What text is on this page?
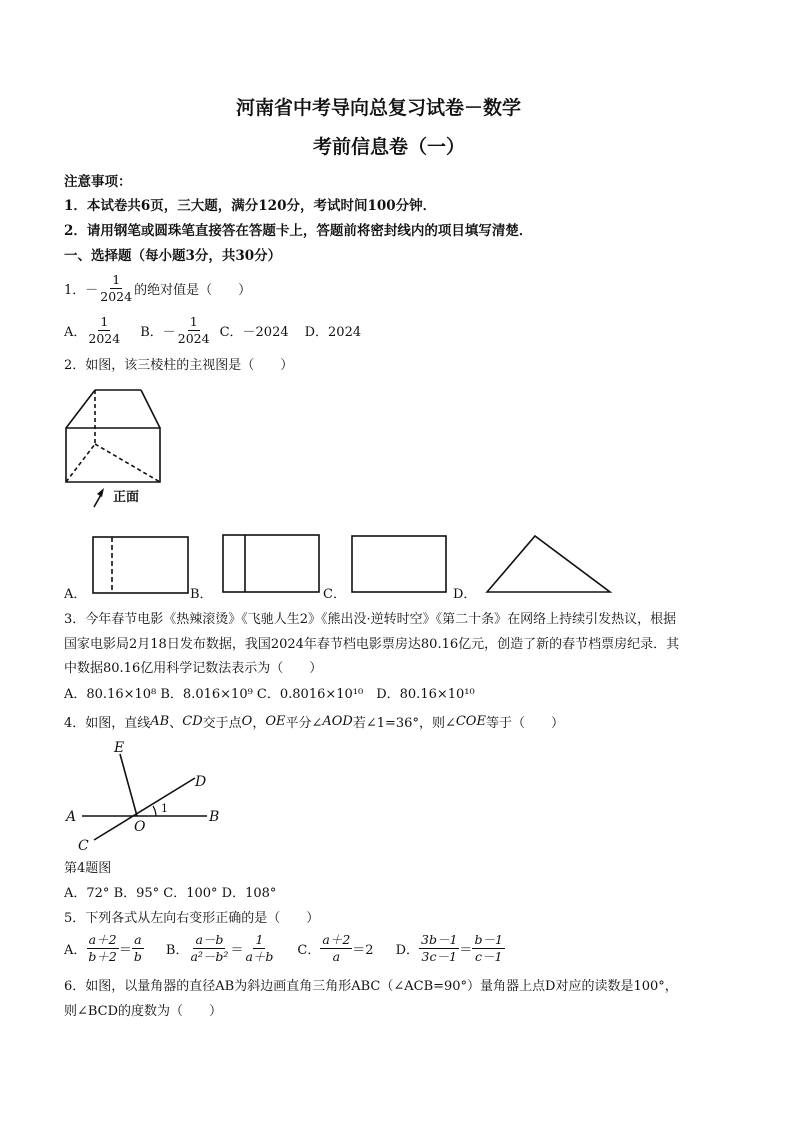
河南省中考导向总复习试卷－数学
考前信息卷（一）
注意事项：
1．本试卷共6页，三大题，满分120分，考试时间100分钟．
2．请用钢笔或圆珠笔直接答在答题卡上，答题前将密封线内的项目填写清楚．
一、选择题（每小题3分，共30分）
1．－ $\frac{1}{2024}$ 的绝对值是（　　）
A． $\frac{1}{2024}$ B．－ $\frac{1}{2024}$ C．－2024 D．2024
2．如图，该三棱柱的主视图是（　　）
正面
A．	B．	C．	D．
3．今年春节电影《热辣滚烫》《飞驰人生2》《熊出没·逆转时空》《第二十条》在网络上持续引发热议，根据
国家电影局2月18日发布数据，我国2024年春节档电影票房达80.16亿元，创造了新的春节档票房纪录．其
中数据80.16亿用科学记数法表示为（　　）
A．80.16×10⁸ B．8.016×10⁹ C．0.8016×10¹⁰　D．80.16×10¹⁰
4．如图，直线 AB 、 CD 交于点 O ， OE 平分∠ AOD 若∠1=36°，则∠ COE 等于（　　）
E
D
A
O
B
C
1
第4题图
A．72° B．95° C．100° D．108°
5．下列各式从左向右变形正确的是（　　）
A． $\frac{a+2}{b+2} = \frac{a}{b}$ B． $\frac{a-b}{\text{a²－b²}} = \frac{1}{a+b}$ C． $\frac{a+2}{a} =2$ D． $\frac{3b-1}{3c-1} = \frac{b-1}{c-1}$
6．如图，以量角器的直径AB为斜边画直角三角形ABC（∠ACB=90°）量角器上点D对应的读数是100°，
则∠BCD的度数为（　　）
